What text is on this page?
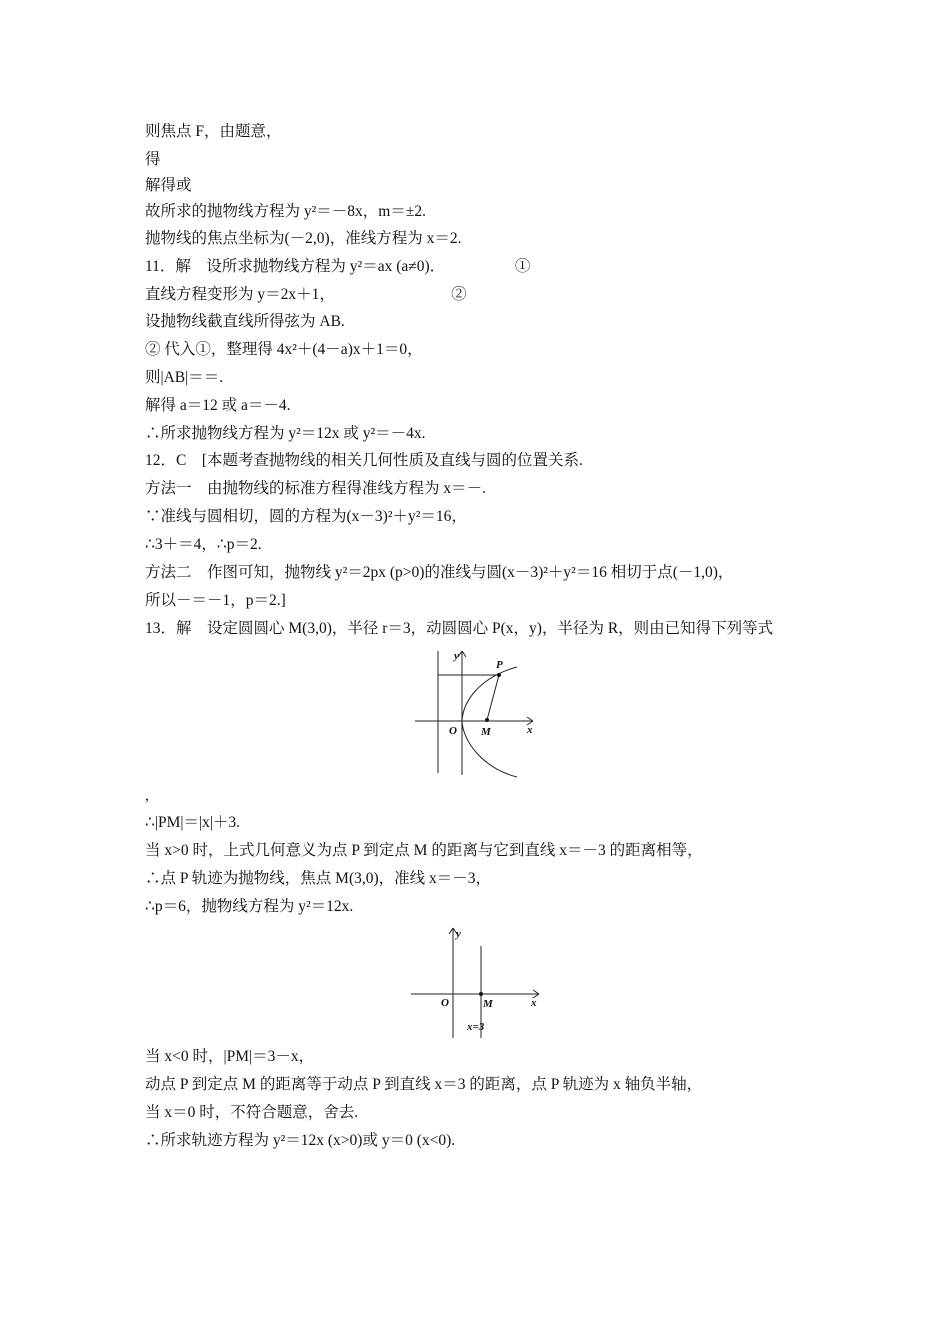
则焦点 F，由题意，
得
解得或
故所求的抛物线方程为 y²＝－8x，m＝±2.
抛物线的焦点坐标为(－2,0)，准线方程为 x＝2.
11．解　设所求抛物线方程为 y²＝ax (a≠0)．　　　　　①
直线方程变形为 y＝2x＋1，　　　　　　　　②
设抛物线截直线所得弦为 AB.
② 代入①，整理得 4x²＋(4－a)x＋1＝0，
则|AB|＝＝.
解得 a＝12 或 a＝－4.
∴所求抛物线方程为 y²＝12x 或 y²＝－4x.
12．C　[本题考查抛物线的相关几何性质及直线与圆的位置关系.
方法一　由抛物线的标准方程得准线方程为 x＝－.
∵准线与圆相切，圆的方程为(x－3)²＋y²＝16，
∴3＋＝4，∴p＝2.
方法二　作图可知，抛物线 y²＝2px (p>0)的准线与圆(x－3)²＋y²＝16 相切于点(－1,0)，
所以－＝－1，p＝2.]
13．解　设定圆圆心 M(3,0)，半径 r＝3，动圆圆心 P(x，y)，半径为 R，则由已知得下列等式
y
x
O
P
M
,
∴|PM|＝|x|＋3.
当 x>0 时，上式几何意义为点 P 到定点 M 的距离与它到直线 x＝－3 的距离相等，
∴点 P 轨迹为抛物线，焦点 M(3,0)，准线 x＝－3，
∴p＝6，抛物线方程为 y²＝12x.
y
x
O	M
x=3
当 x<0 时，|PM|＝3－x，
动点 P 到定点 M 的距离等于动点 P 到直线 x＝3 的距离，点 P 轨迹为 x 轴负半轴，
当 x＝0 时，不符合题意，舍去.
∴所求轨迹方程为 y²＝12x (x>0)或 y＝0 (x<0).
